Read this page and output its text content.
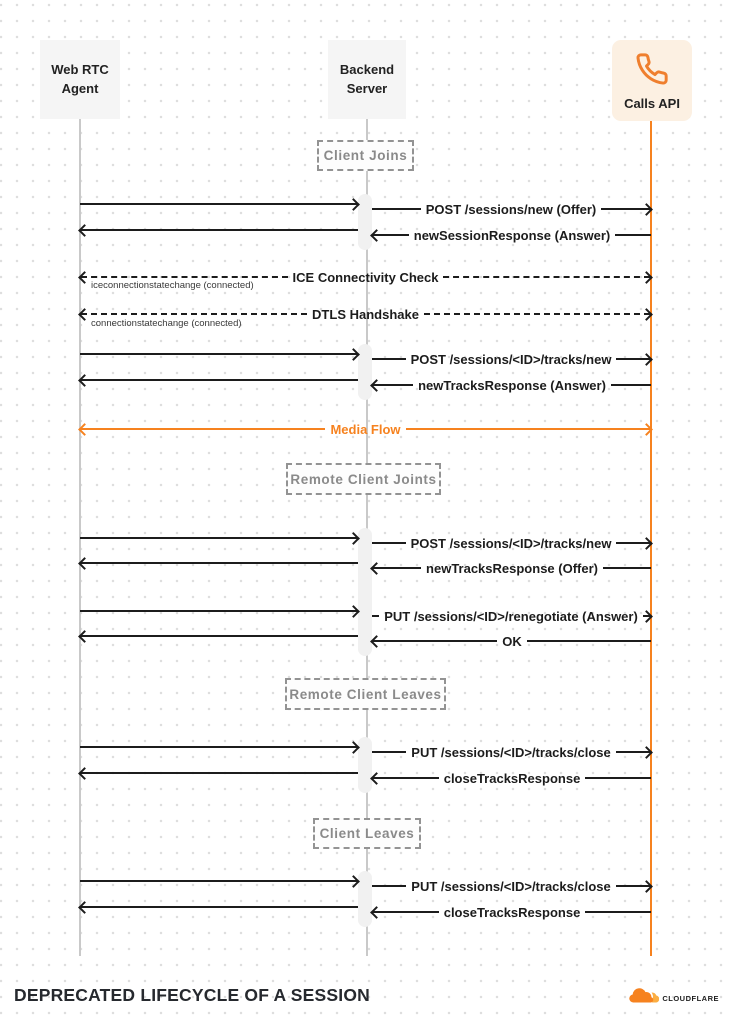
Client Joins
Remote Client Joints
Remote Client Leaves
Client Leaves
POST /sessions/new (Offer)
newSessionResponse (Answer)
ICE Connectivity Check
iceconnectionstatechange (connected)
DTLS Handshake
connectionstatechange (connected)
POST /sessions/<ID>/tracks/new
newTracksResponse (Answer)
Media Flow
POST /sessions/<ID>/tracks/new
newTracksResponse (Offer)
PUT /sessions/<ID>/renegotiate (Answer)
OK
PUT /sessions/<ID>/tracks/close
closeTracksResponse
PUT /sessions/<ID>/tracks/close
closeTracksResponse
Web RTC Agent
Backend Server
Calls API
DEPRECATED LIFECYCLE OF A SESSION	CLOUDFLARE
